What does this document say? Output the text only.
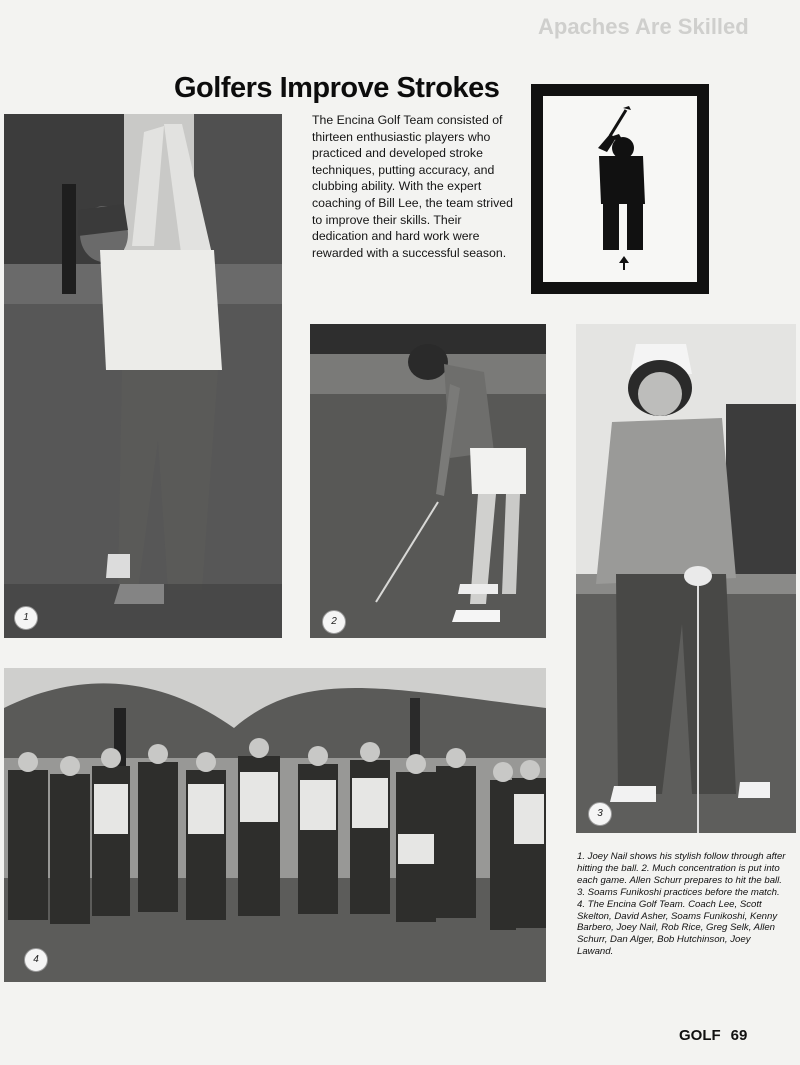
Apaches Are Skilled
Golfers Improve Strokes
The Encina Golf Team consisted of thirteen enthusiastic players who practiced and developed stroke techniques, putting accuracy, and clubbing ability. With the expert coaching of Bill Lee, the team strived to improve their skills. Their dedication and hard work were rewarded with a successful season.
1	2
3
4
1. Joey Nail shows his stylish follow through after hitting the ball. 2. Much concentration is put into each game. Allen Schurr prepares to hit the ball. 3. Soams Funikoshi practices before the match. 4. The Encina Golf Team. Coach Lee, Scott Skelton, David Asher, Soams Funikoshi, Kenny Barbero, Joey Nail, Rob Rice, Greg Selk, Allen Schurr, Dan Alger, Bob Hutchinson, Joey Lawand.
GOLF 69
